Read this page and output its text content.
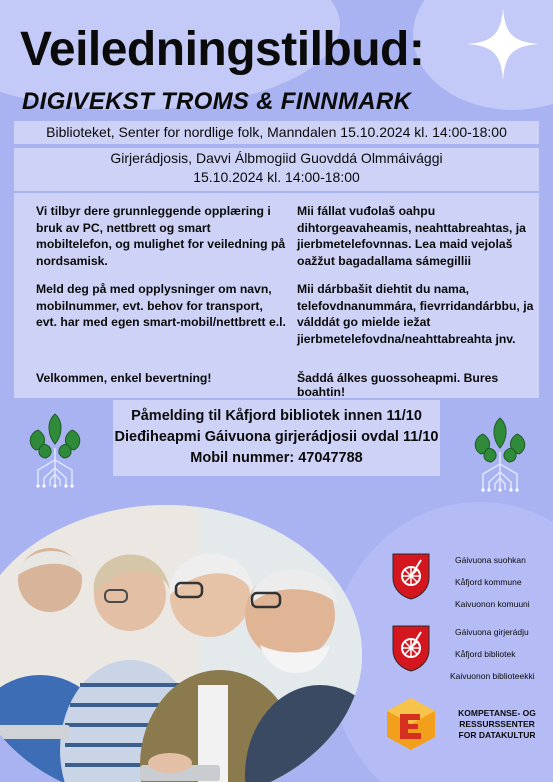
Veiledningstilbud:
DIGIVEKST TROMS & FINNMARK
Biblioteket, Senter for nordlige folk, Manndalen 15.10.2024 kl. 14:00-18:00
Girjerádjosis, Davvi Álbmogiid Guovddá Olmmáivággi
15.10.2024 kl. 14:00-18:00

Vi tilbyr dere grunnleggende opplæring i bruk av PC, nettbrett og smart mobiltelefon, og mulighet for veiledning på nordsamisk.

Meld deg på med opplysninger om navn, mobilnummer, evt. behov for transport, evt. har med egen smart-mobil/nettbrett e.l.

Mii fállat vuđolaš oahpu dihtorgeavaheamis, neahttabreahtas, ja jierbmetelefovnnas. Lea maid vejolaš oažžut bagadallama sámegillii

Mii dárbbašit diehtit du nama, telefovdnanummára, fievrridandárbbu, ja válddát go mielde iežat jierbmetelefovdna/neahttabreahta jnv.

Velkommen, enkel bevertning!	Šaddá álkes guossoheapmi. Bures boahtin!
Påmelding til Kåfjord bibliotek innen 11/10
Dieđiheapmi Gáivuona girjerádjosii ovdal 11/10
Mobil nummer: 47047788
Gáivuona suohkan
Kåfjord kommune
Kaivuonon komuuni
Gáivuona girjerádju
Kåfjord bibliotek
Kaivuonon biblioteekki
KOMPETANSE- OG
RESSURSSENTER
FOR DATAKULTUR
